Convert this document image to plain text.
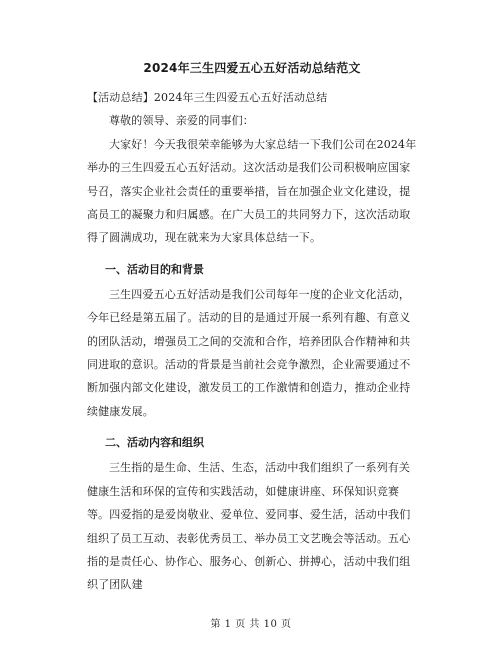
2024年三生四爱五心五好活动总结范文

【活动总结】2024年三生四爱五心五好活动总结

尊敬的领导、亲爱的同事们：

大家好！今天我很荣幸能够为大家总结一下我们公司在2024年举办的三生四爱五心五好活动。这次活动是我们公司积极响应国家号召，落实企业社会责任的重要举措，旨在加强企业文化建设，提高员工的凝聚力和归属感。在广大员工的共同努力下，这次活动取得了圆满成功，现在就来为大家具体总结一下。

一、活动目的和背景

三生四爱五心五好活动是我们公司每年一度的企业文化活动，今年已经是第五届了。活动的目的是通过开展一系列有趣、有意义的团队活动，增强员工之间的交流和合作，培养团队合作精神和共同进取的意识。活动的背景是当前社会竞争激烈，企业需要通过不断加强内部文化建设，激发员工的工作激情和创造力，推动企业持续健康发展。

二、活动内容和组织

三生指的是生命、生活、生态，活动中我们组织了一系列有关健康生活和环保的宣传和实践活动，如健康讲座、环保知识竞赛等。四爱指的是爱岗敬业、爱单位、爱同事、爱生活，活动中我们组织了员工互动、表彰优秀员工、举办员工文艺晚会等活动。五心指的是责任心、协作心、服务心、创新心、拼搏心，活动中我们组织了团队建

第 1 页 共 10 页
